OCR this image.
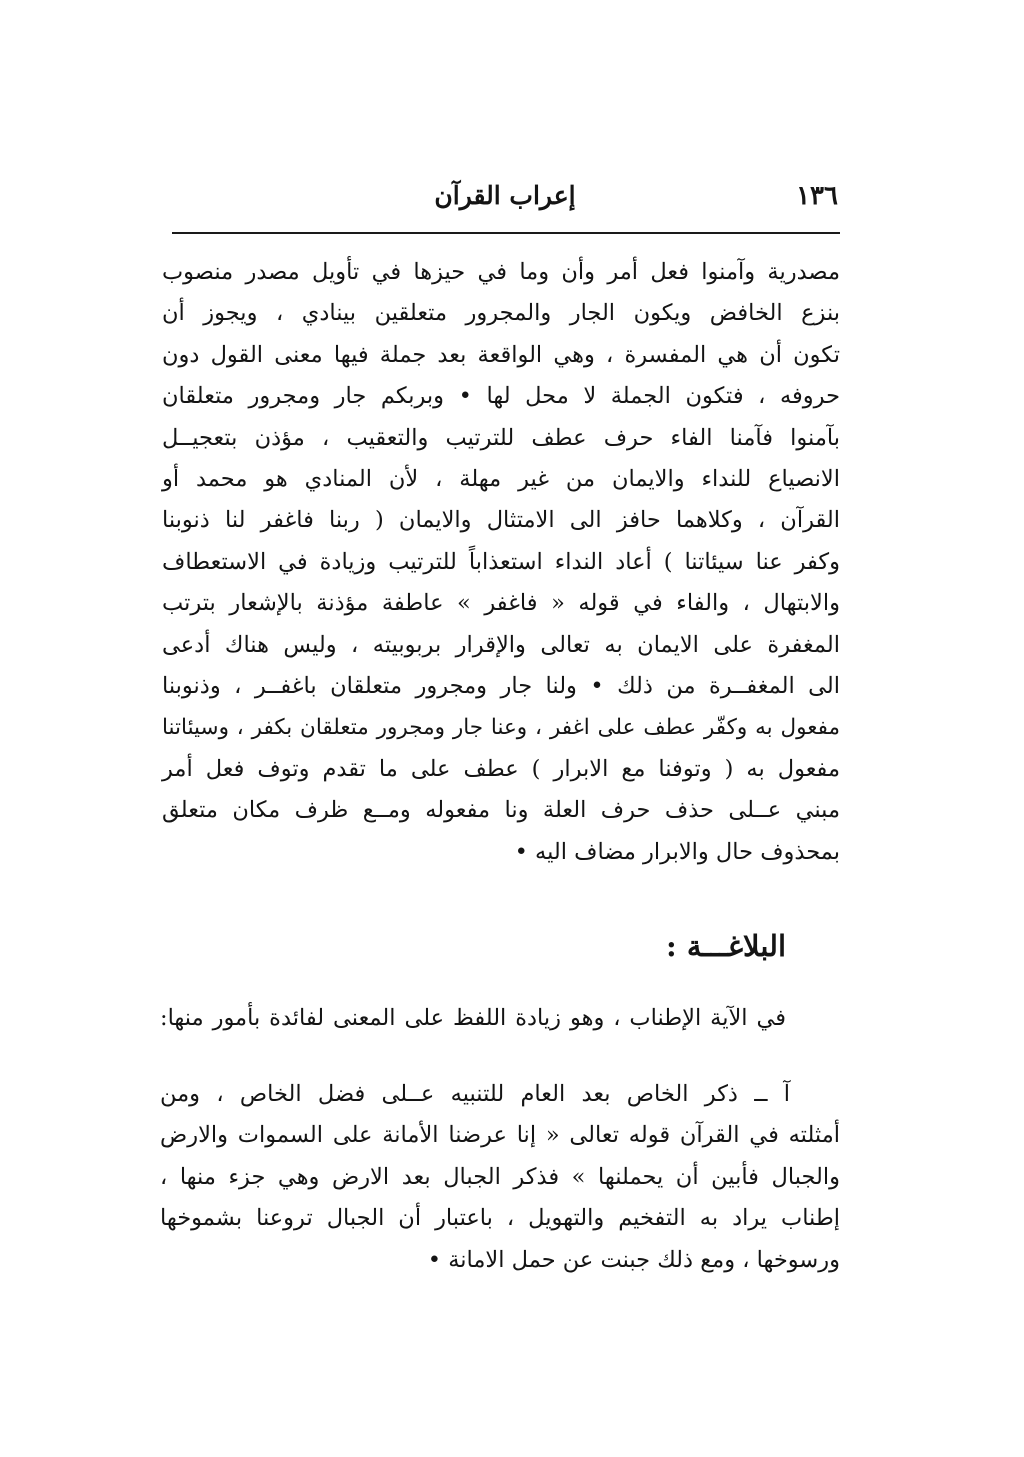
١٣٦
إعراب القرآن
مصدرية وآمنوا فعل أمر وأن وما في حيزها في تأويل مصدر منصوب
بنزع الخافض ويكون الجار والمجرور متعلقين بينادي ، ويجوز أن
تكون أن هي المفسرة ، وهي الواقعة بعد جملة فيها معنى القول دون
حروفه ، فتكون الجملة لا محل لها • وبربكم جار ومجرور متعلقان
بآمنوا فآمنا الفاء حرف عطف للترتيب والتعقيب ، مؤذن بتعجيــل
الانصياع للنداء والايمان من غير مهلة ، لأن المنادي هو محمد أو
القرآن ، وكلاهما حافز الى الامتثال والايمان ( ربنا فاغفر لنا ذنوبنا
وكفر عنا سيئاتنا ) أعاد النداء استعذاباً للترتيب وزيادة في الاستعطاف
والابتهال ، والفاء في قوله « فاغفر » عاطفة مؤذنة بالإشعار بترتب
المغفرة على الايمان به تعالى والإقرار بربوبيته ، وليس هناك أدعى
الى المغفــرة من ذلك • ولنا جار ومجرور متعلقان باغفــر ، وذنوبنا
مفعول به وكفّر عطف على اغفر ، وعنا جار ومجرور متعلقان بكفر ، وسيئاتنا
مفعول به ( وتوفنا مع الابرار ) عطف على ما تقدم وتوف فعل أمر
مبني عــلى حذف حرف العلة ونا مفعوله ومــع ظرف مكان متعلق
بمحذوف حال والابرار مضاف اليه •
البلاغـــة :
في الآية الإطناب ، وهو زيادة اللفظ على المعنى لفائدة بأمور منها:
آ ــ ذكر الخاص بعد العام للتنبيه عــلى فضل الخاص ، ومن
أمثلته في القرآن قوله تعالى « إنا عرضنا الأمانة على السموات والارض
والجبال فأبين أن يحملنها » فذكر الجبال بعد الارض وهي جزء منها ،
إطناب يراد به التفخيم والتهويل ، باعتبار أن الجبال تروعنا بشموخها
ورسوخها ، ومع ذلك جبنت عن حمل الامانة •
